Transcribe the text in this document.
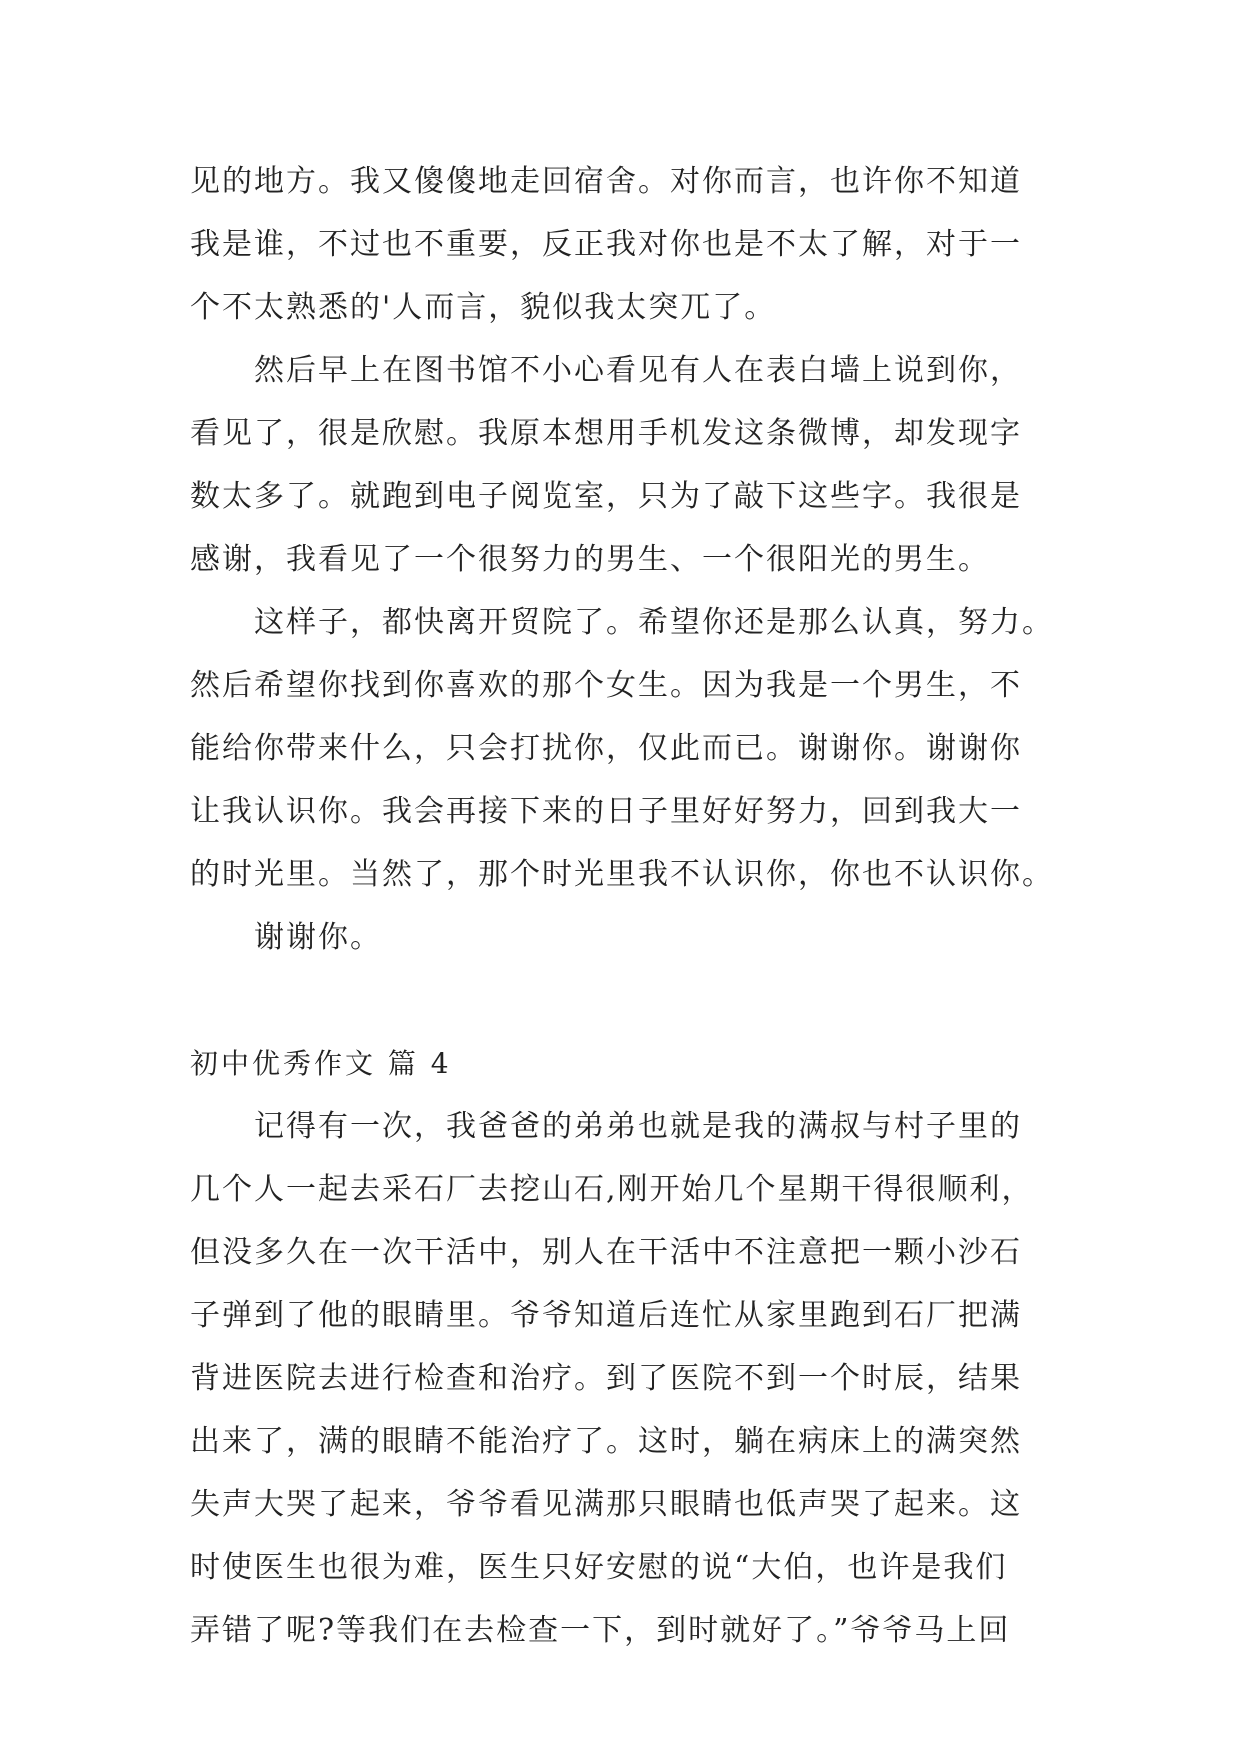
见的地方。我又傻傻地走回宿舍。对你而言，也许你不知道
我是谁，不过也不重要，反正我对你也是不太了解，对于一
个不太熟悉的'人而言，貌似我太突兀了。
　　然后早上在图书馆不小心看见有人在表白墙上说到你，
看见了，很是欣慰。我原本想用手机发这条微博，却发现字
数太多了。就跑到电子阅览室，只为了敲下这些字。我很是
感谢，我看见了一个很努力的男生、一个很阳光的男生。
　　这样子，都快离开贸院了。希望你还是那么认真，努力。
然后希望你找到你喜欢的那个女生。因为我是一个男生，不
能给你带来什么，只会打扰你，仅此而已。谢谢你。谢谢你
让我认识你。我会再接下来的日子里好好努力，回到我大一
的时光里。当然了，那个时光里我不认识你，你也不认识你。
　　谢谢你。
初中优秀作文 篇 4
　　记得有一次，我爸爸的弟弟也就是我的满叔与村子里的
几个人一起去采石厂去挖山石,刚开始几个星期干得很顺利，
但没多久在一次干活中，别人在干活中不注意把一颗小沙石
子弹到了他的眼睛里。爷爷知道后连忙从家里跑到石厂把满
背进医院去进行检查和治疗。到了医院不到一个时辰，结果
出来了，满的眼睛不能治疗了。这时，躺在病床上的满突然
失声大哭了起来，爷爷看见满那只眼睛也低声哭了起来。这
时使医生也很为难，医生只好安慰的说“大伯，也许是我们
弄错了呢?等我们在去检查一下，到时就好了。”爷爷马上回
